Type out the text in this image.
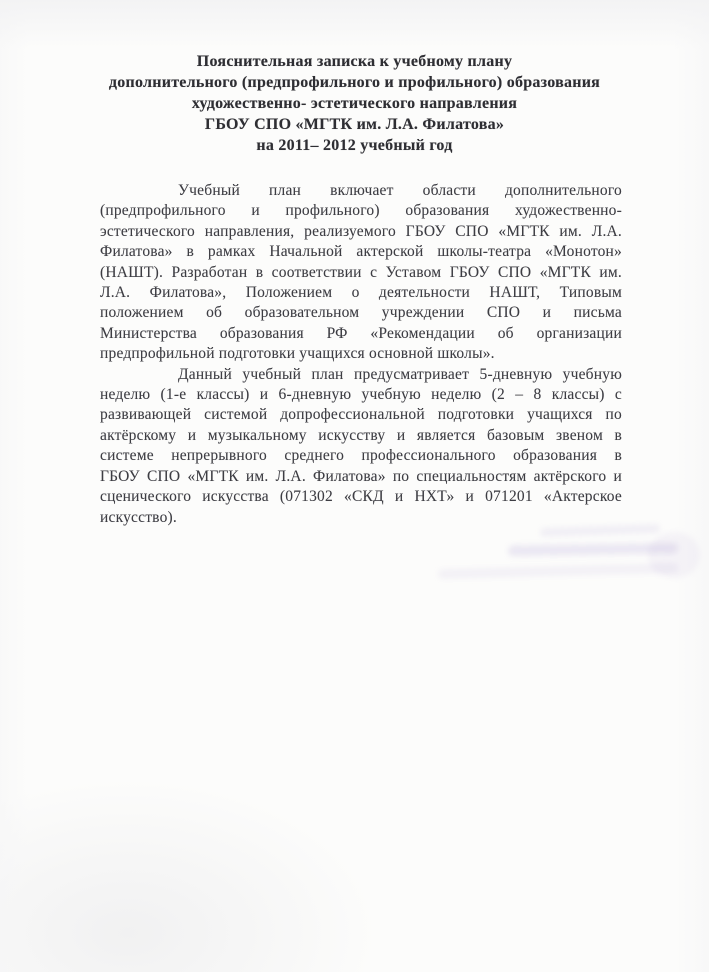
Пояснительная записка к учебному плану
дополнительного (предпрофильного и профильного) образования
художественно- эстетического направления
ГБОУ СПО «МГТК им. Л.А. Филатова»
на 2011– 2012 учебный год

Учебный план включает области дополнительного
(предпрофильного и профильного) образования художественно-
эстетического направления, реализуемого ГБОУ СПО «МГТК им. Л.А.
Филатова» в рамках Начальной актерской школы-театра «Монотон»
(НАШТ). Разработан в соответствии с Уставом ГБОУ СПО «МГТК им.
Л.А. Филатова», Положением о деятельности НАШТ, Типовым
положением об образовательном учреждении СПО и письма
Министерства образования РФ «Рекомендации об организации
предпрофильной подготовки учащихся основной школы».

Данный учебный план предусматривает 5-дневную учебную
неделю (1-е классы) и 6-дневную учебную неделю (2 – 8 классы) с
развивающей системой допрофессиональной подготовки учащихся по
актёрскому и музыкальному искусству и является базовым звеном в
системе непрерывного среднего профессионального образования в
ГБОУ СПО «МГТК им. Л.А. Филатова» по специальностям актёрского и
сценического искусства (071302 «СКД и НХТ» и 071201 «Актерское
искусство).
